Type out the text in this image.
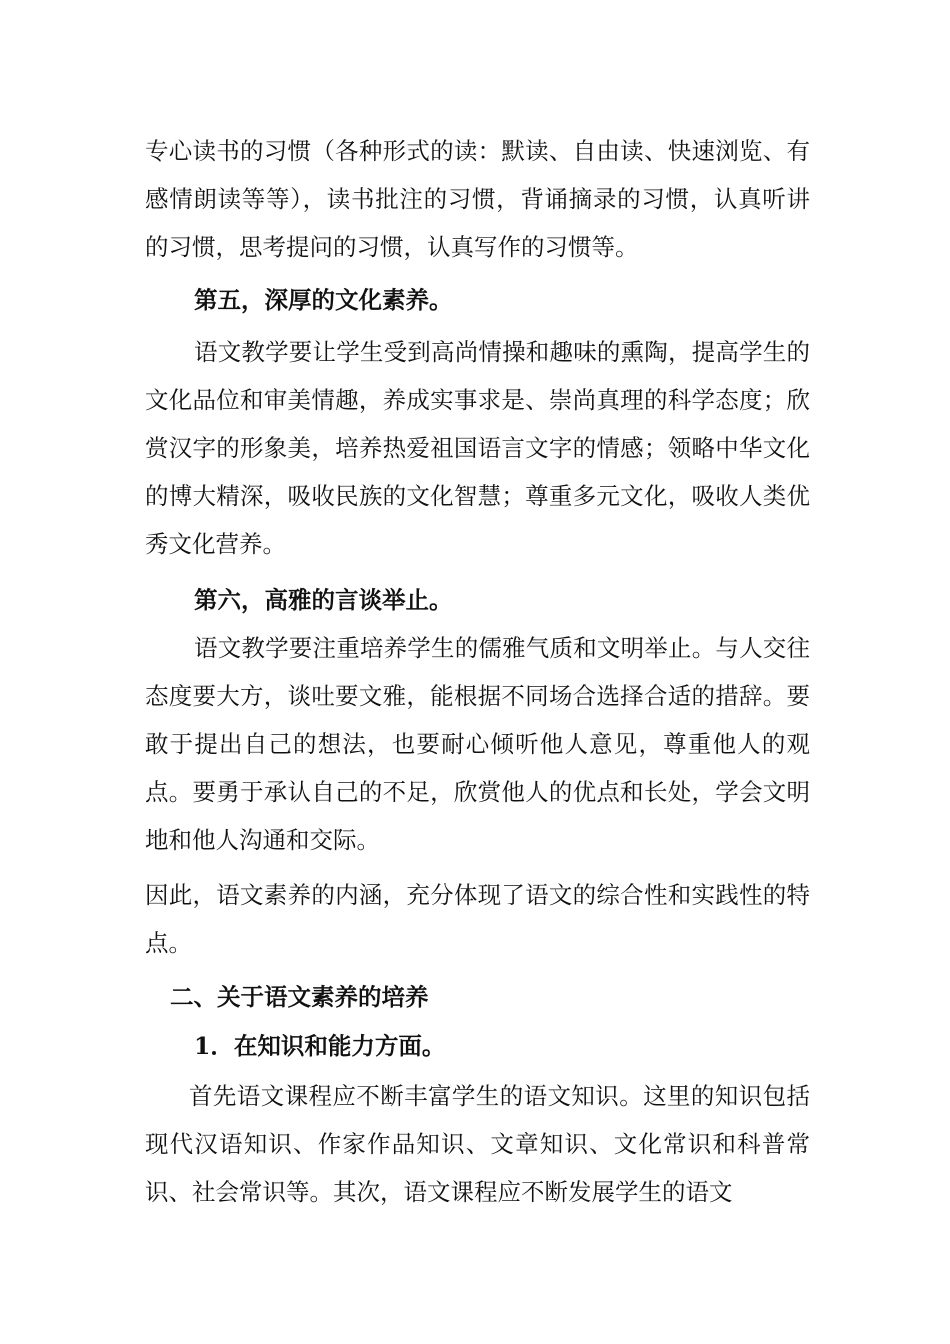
专心读书的习惯（各种形式的读：默读、自由读、快速浏览、有感情朗读等等），读书批注的习惯，背诵摘录的习惯，认真听讲的习惯，思考提问的习惯，认真写作的习惯等。

第五，深厚的文化素养。

语文教学要让学生受到高尚情操和趣味的熏陶，提高学生的文化品位和审美情趣，养成实事求是、崇尚真理的科学态度；欣赏汉字的形象美，培养热爱祖国语言文字的情感；领略中华文化的博大精深，吸收民族的文化智慧；尊重多元文化，吸收人类优秀文化营养。

第六，高雅的言谈举止。

语文教学要注重培养学生的儒雅气质和文明举止。与人交往态度要大方，谈吐要文雅，能根据不同场合选择合适的措辞。要敢于提出自己的想法，也要耐心倾听他人意见，尊重他人的观点。要勇于承认自己的不足，欣赏他人的优点和长处，学会文明地和他人沟通和交际。

因此，语文素养的内涵，充分体现了语文的综合性和实践性的特点。

二、关于语文素养的培养

1．在知识和能力方面。

首先语文课程应不断丰富学生的语文知识。这里的知识包括现代汉语知识、作家作品知识、文章知识、文化常识和科普常识、社会常识等。其次，语文课程应不断发展学生的语文
